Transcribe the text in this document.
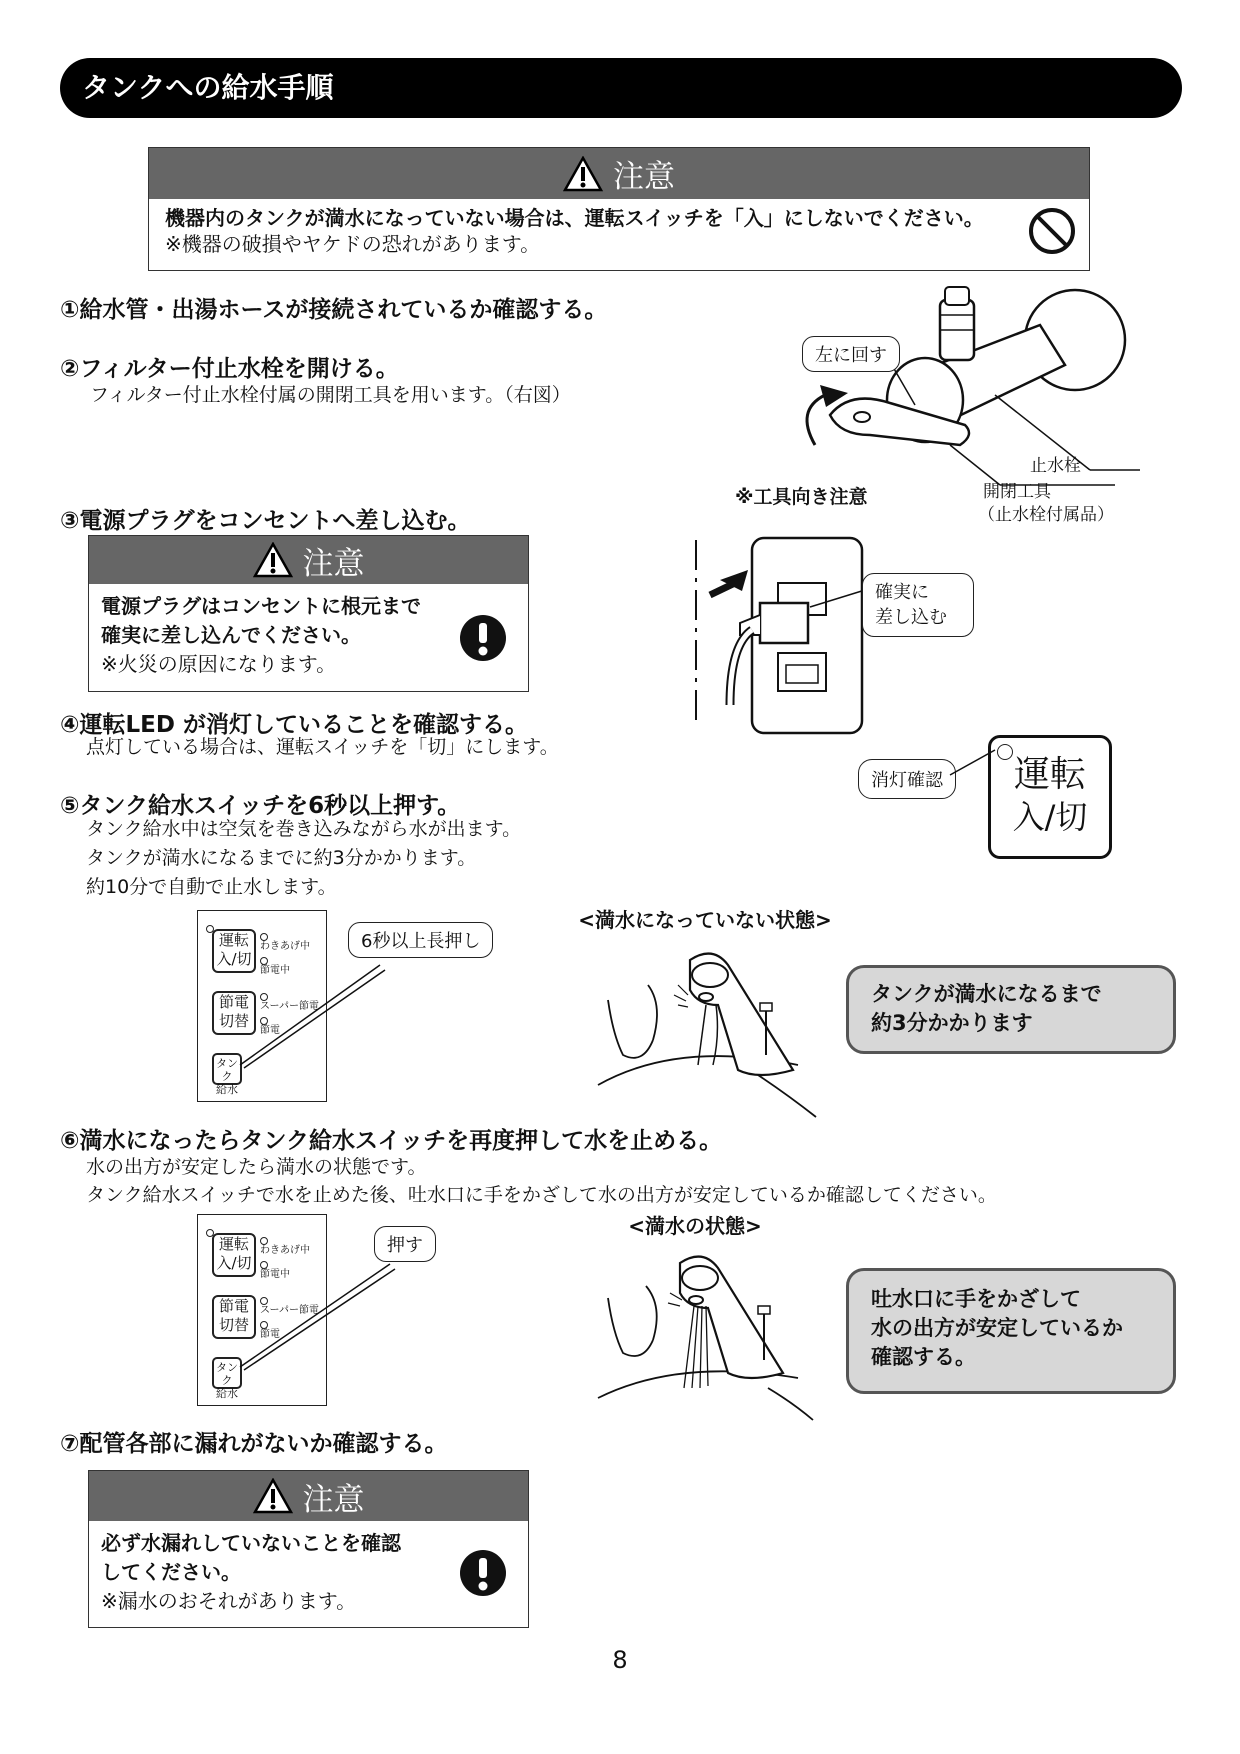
タンクへの給水手順
注意
機器内のタンクが満水になっていない場合は、運転スイッチを「入」にしないでください。
※機器の破損やヤケドの恐れがあります。
①給水管・出湯ホースが接続されているか確認する。
②フィルター付止水栓を開ける。
フィルター付止水栓付属の開閉工具を用います。（右図）
左に回す
止水栓
開閉工具
（止水栓付属品）
※工具向き注意
③電源プラグをコンセントへ差し込む。
注意
電源プラグはコンセントに根元まで
確実に差し込んでください。
※火災の原因になります。
確実に
差し込む
④運転LED が消灯していることを確認する。
点灯している場合は、運転スイッチを「切」にします。
消灯確認	運転
入/切
⑤タンク給水スイッチを6秒以上押す。
タンク給水中は空気を巻き込みながら水が出ます。
タンクが満水になるまでに約3分かかります。
約10分で自動で止水します。
運転
入/切
わきあげ中
節電中
節電
切替
スーパー節電
節電
タンク
給水
6秒以上長押し
<満水になっていない状態>
タンクが満水になるまで
約3分かかります
⑥満水になったらタンク給水スイッチを再度押して水を止める。
水の出方が安定したら満水の状態です。
タンク給水スイッチで水を止めた後、吐水口に手をかざして水の出方が安定しているか確認してください。
<満水の状態>
運転
入/切
わきあげ中
節電中
節電
切替
スーパー節電
節電
タンク
給水
押す
吐水口に手をかざして
水の出方が安定しているか
確認する。
⑦配管各部に漏れがないか確認する。
注意
必ず水漏れしていないことを確認
してください。
※漏水のおそれがあります。
8
